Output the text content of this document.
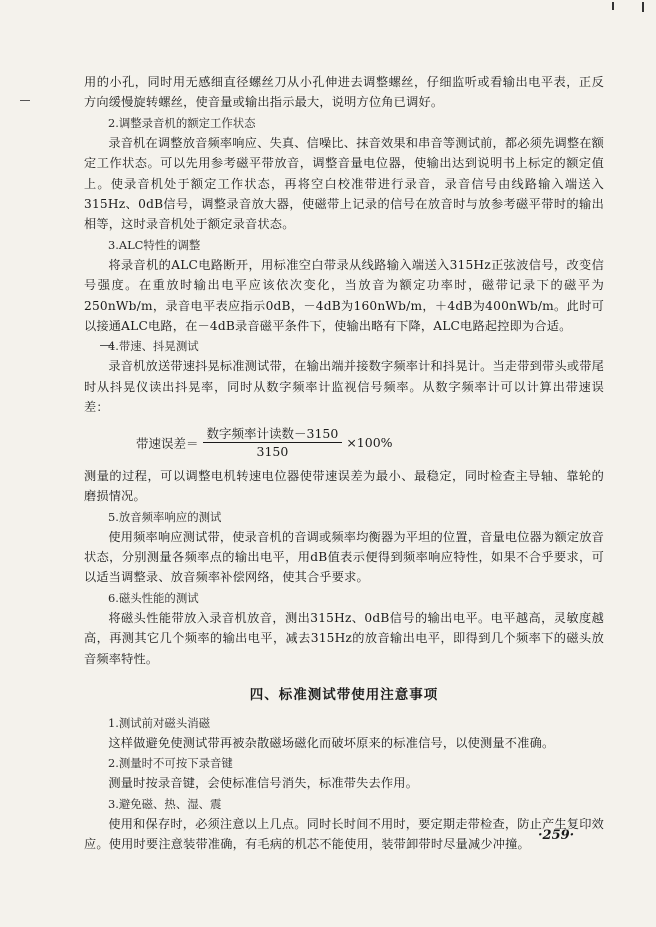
用的小孔，同时用无感细直径螺丝刀从小孔伸进去调整螺丝，仔细监听或看输出电平表，正反方向缓慢旋转螺丝，使音量或输出指示最大，说明方位角已调好。

2.调整录音机的额定工作状态

录音机在调整放音频率响应、失真、信噪比、抹音效果和串音等测试前，都必须先调整在额定工作状态。可以先用参考磁平带放音，调整音量电位器，使输出达到说明书上标定的额定值上。使录音机处于额定工作状态，再将空白校准带进行录音，录音信号由线路输入端送入315Hz、0dB信号，调整录音放大器，使磁带上记录的信号在放音时与放参考磁平带时的输出相等，这时录音机处于额定录音状态。

3.ALC特性的调整

将录音机的ALC电路断开，用标准空白带录从线路输入端送入315Hz正弦波信号，改变信号强度。在重放时输出电平应该依次变化，当放音为额定功率时，磁带记录下的磁平为250nWb/m，录音电平表应指示0dB，－4dB为160nWb/m，＋4dB为400nWb/m。此时可以接通ALC电路，在－4dB录音磁平条件下，使输出略有下降，ALC电路起控即为合适。

4.带速、抖晃测试

录音机放送带速抖晃标准测试带，在输出端并接数字频率计和抖晃计。当走带到带头或带尾时从抖晃仪读出抖晃率，同时从数字频率计监视信号频率。从数字频率计可以计算出带速误差：

带速误差＝ $\frac{\text{数字频率计读数－3150}}{3150} \times 100\%$

测量的过程，可以调整电机转速电位器使带速误差为最小、最稳定，同时检查主导轴、靠轮的磨损情况。

5.放音频率响应的测试

使用频率响应测试带，使录音机的音调或频率均衡器为平坦的位置，音量电位器为额定放音状态，分别测量各频率点的输出电平，用dB值表示便得到频率响应特性，如果不合乎要求，可以适当调整录、放音频率补偿网络，使其合乎要求。

6.磁头性能的测试

将磁头性能带放入录音机放音，测出315Hz、0dB信号的输出电平。电平越高，灵敏度越高，再测其它几个频率的输出电平，减去315Hz的放音输出电平，即得到几个频率下的磁头放音频率特性。

四、标准测试带使用注意事项

1.测试前对磁头消磁

这样做避免使测试带再被杂散磁场磁化而破坏原来的标准信号，以使测量不准确。

2.测量时不可按下录音键

测量时按录音键，会使标准信号消失，标准带失去作用。

3.避免磁、热、湿、震

使用和保存时，必须注意以上几点。同时长时间不用时，要定期走带检查，防止产生复印效应。使用时要注意装带准确，有毛病的机芯不能使用，装带卸带时尽量减少冲撞。

·259·
